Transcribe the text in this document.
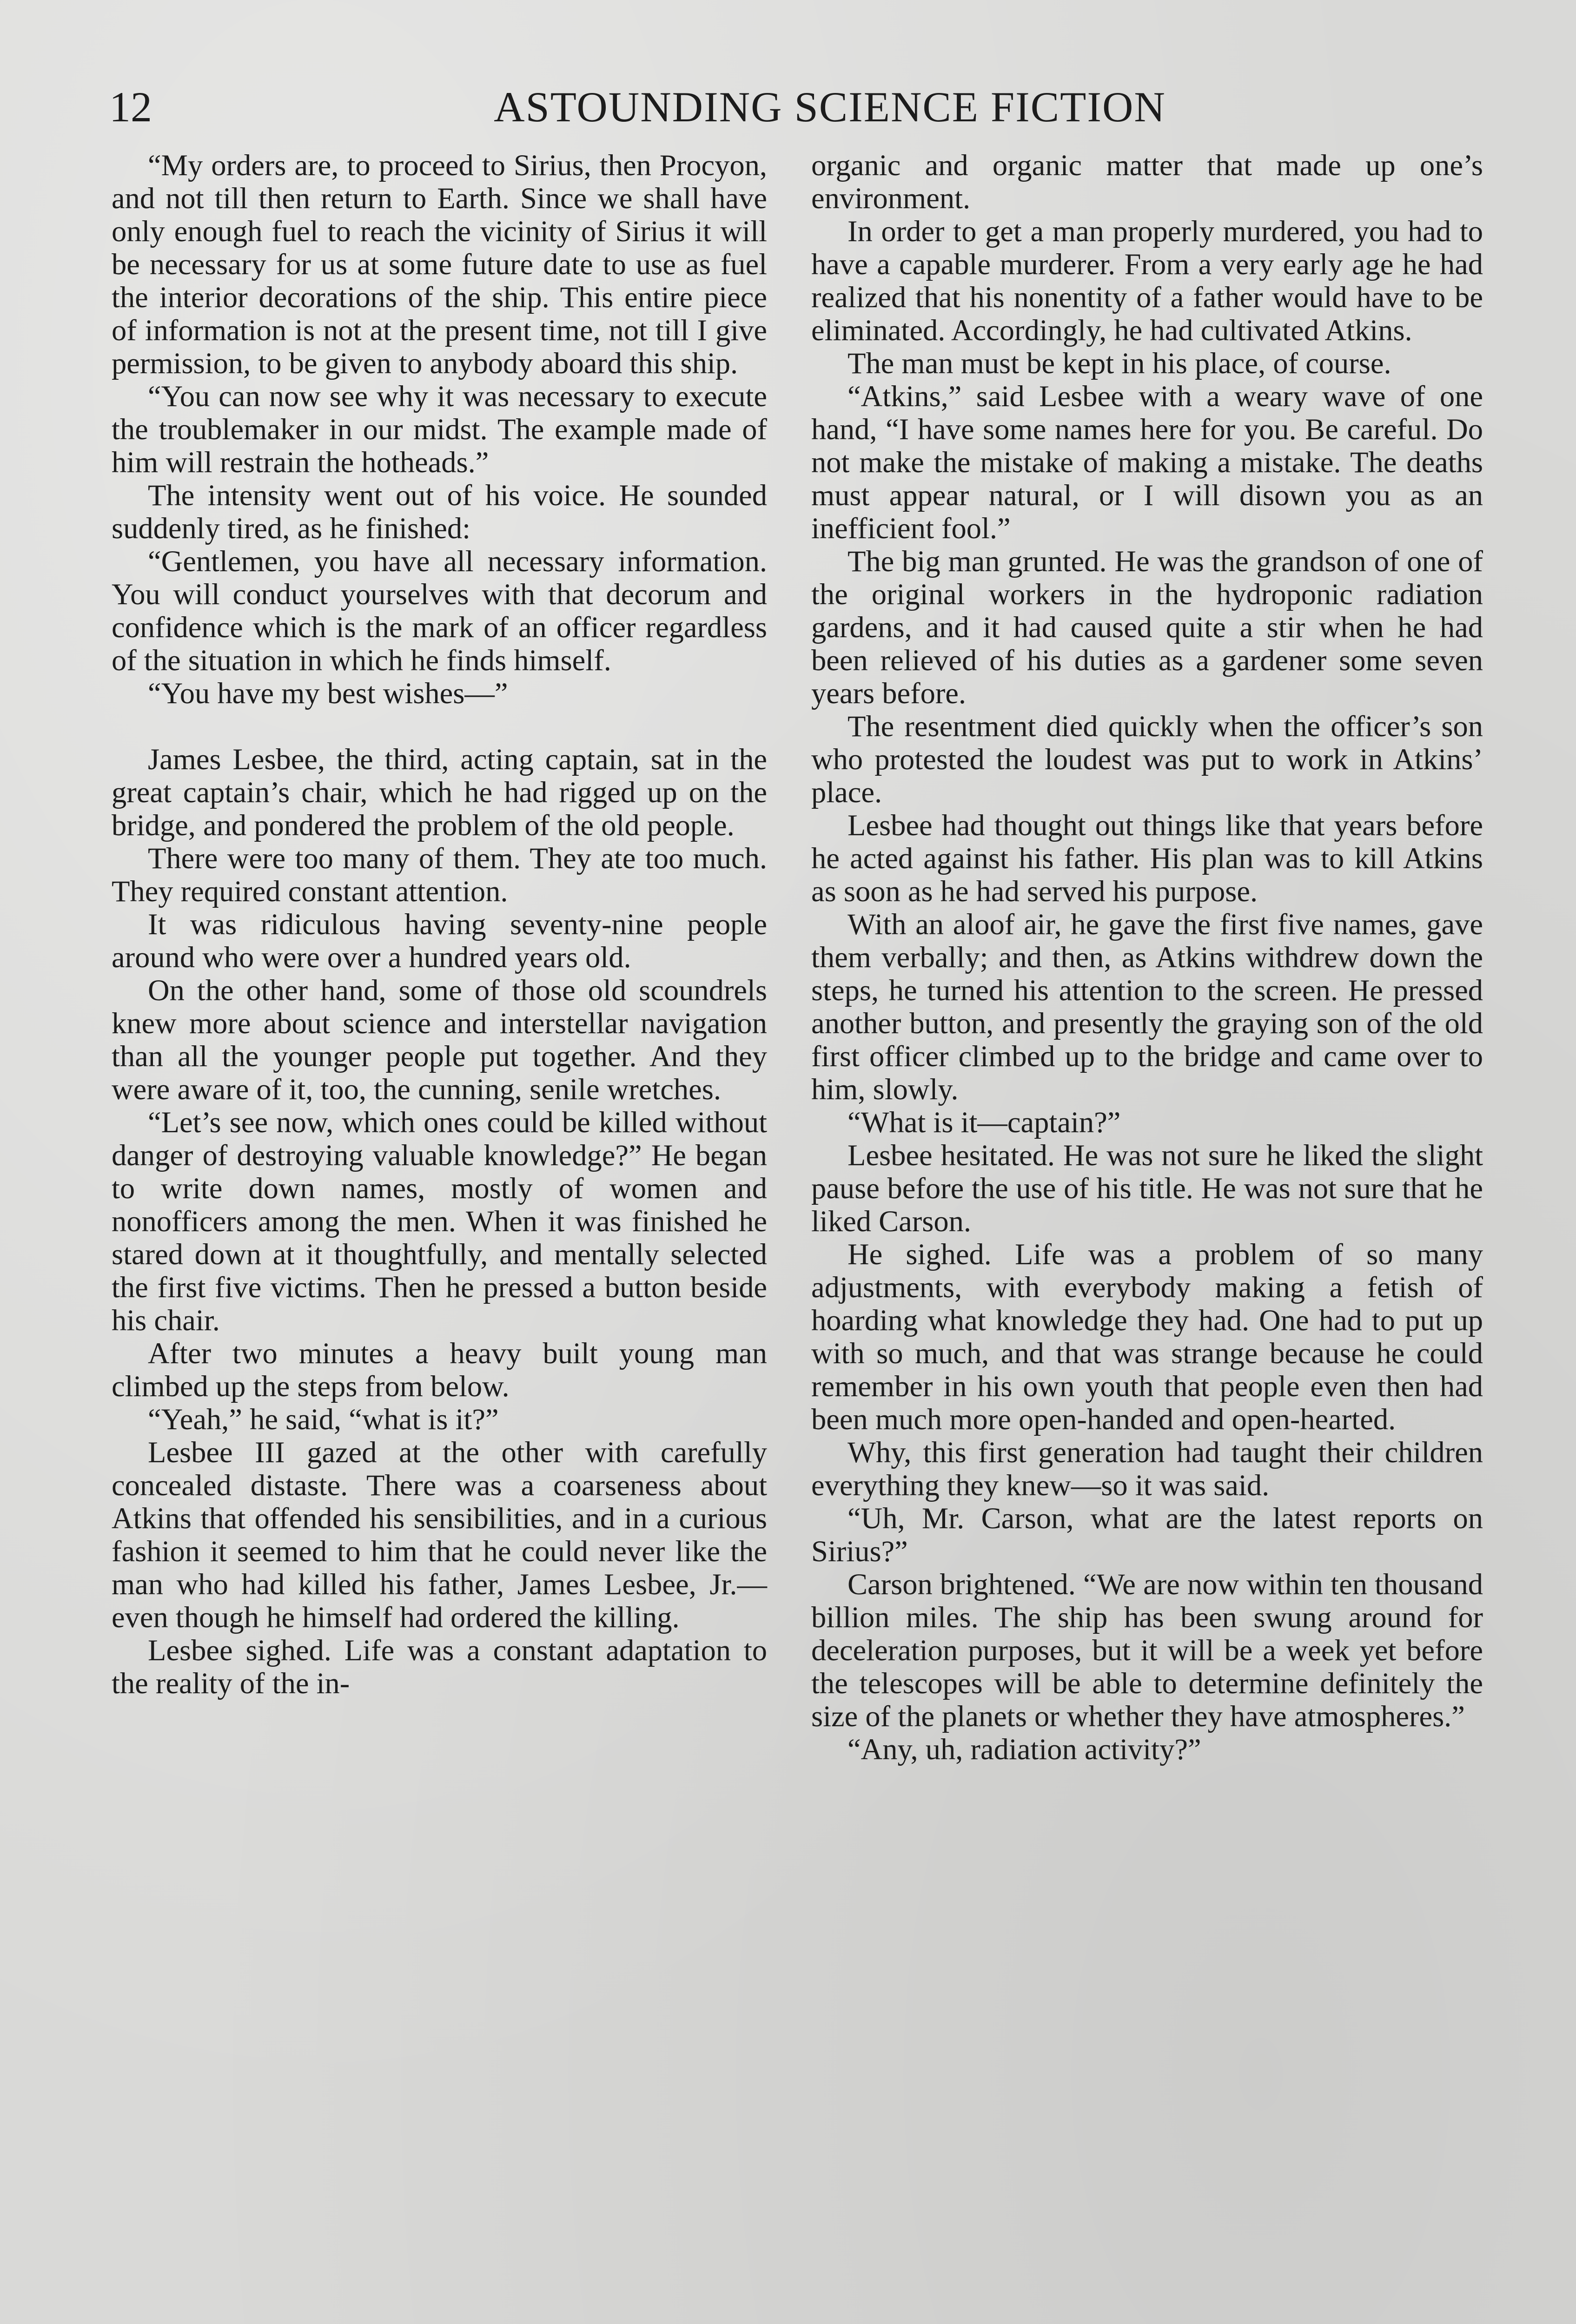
12	ASTOUNDING SCIENCE FICTION

“My orders are, to proceed to Sirius, then Procyon, and not till then return to Earth. Since we shall have only enough fuel to reach the vicinity of Sirius it will be necessary for us at some future date to use as fuel the interior decorations of the ship. This entire piece of information is not at the present time, not till I give permission, to be given to anybody aboard this ship.

“You can now see why it was necessary to execute the troublemaker in our midst. The example made of him will restrain the hotheads.”

The intensity went out of his voice. He sounded suddenly tired, as he finished:

“Gentlemen, you have all necessary information. You will conduct yourselves with that decorum and confidence which is the mark of an officer regardless of the situation in which he finds himself.

“You have my best wishes—”

James Lesbee, the third, acting captain, sat in the great captain’s chair, which he had rigged up on the bridge, and pondered the problem of the old people.

There were too many of them. They ate too much. They required constant attention.

It was ridiculous having seventy-nine people around who were over a hundred years old.

On the other hand, some of those old scoundrels knew more about science and interstellar navigation than all the younger people put together. And they were aware of it, too, the cunning, senile wretches.

“Let’s see now, which ones could be killed without danger of destroying valuable knowledge?” He began to write down names, mostly of women and nonofficers among the men. When it was finished he stared down at it thoughtfully, and mentally selected the first five victims. Then he pressed a button beside his chair.

After two minutes a heavy built young man climbed up the steps from below.

“Yeah,” he said, “what is it?”

Lesbee III gazed at the other with carefully concealed distaste. There was a coarseness about Atkins that offended his sensibilities, and in a curious fashion it seemed to him that he could never like the man who had killed his father, James Lesbee, Jr.—even though he himself had ordered the killing.

Lesbee sighed. Life was a constant adaptation to the reality of the in-

organic and organic matter that made up one’s environment.

In order to get a man properly murdered, you had to have a capable murderer. From a very early age he had realized that his nonentity of a father would have to be eliminated. Accordingly, he had cultivated Atkins.

The man must be kept in his place, of course.

“Atkins,” said Lesbee with a weary wave of one hand, “I have some names here for you. Be careful. Do not make the mistake of making a mistake. The deaths must appear natural, or I will disown you as an inefficient fool.”

The big man grunted. He was the grandson of one of the original workers in the hydroponic radiation gardens, and it had caused quite a stir when he had been relieved of his duties as a gardener some seven years before.

The resentment died quickly when the officer’s son who protested the loudest was put to work in Atkins’ place.

Lesbee had thought out things like that years before he acted against his father. His plan was to kill Atkins as soon as he had served his purpose.

With an aloof air, he gave the first five names, gave them verbally; and then, as Atkins withdrew down the steps, he turned his attention to the screen. He pressed another button, and presently the graying son of the old first officer climbed up to the bridge and came over to him, slowly.

“What is it—captain?”

Lesbee hesitated. He was not sure he liked the slight pause before the use of his title. He was not sure that he liked Carson.

He sighed. Life was a problem of so many adjustments, with everybody making a fetish of hoarding what knowledge they had. One had to put up with so much, and that was strange because he could remember in his own youth that people even then had been much more open-handed and open-hearted.

Why, this first generation had taught their children everything they knew—so it was said.

“Uh, Mr. Carson, what are the latest reports on Sirius?”

Carson brightened. “We are now within ten thousand billion miles. The ship has been swung around for deceleration purposes, but it will be a week yet before the telescopes will be able to determine definitely the size of the planets or whether they have atmospheres.”

“Any, uh, radiation activity?”
